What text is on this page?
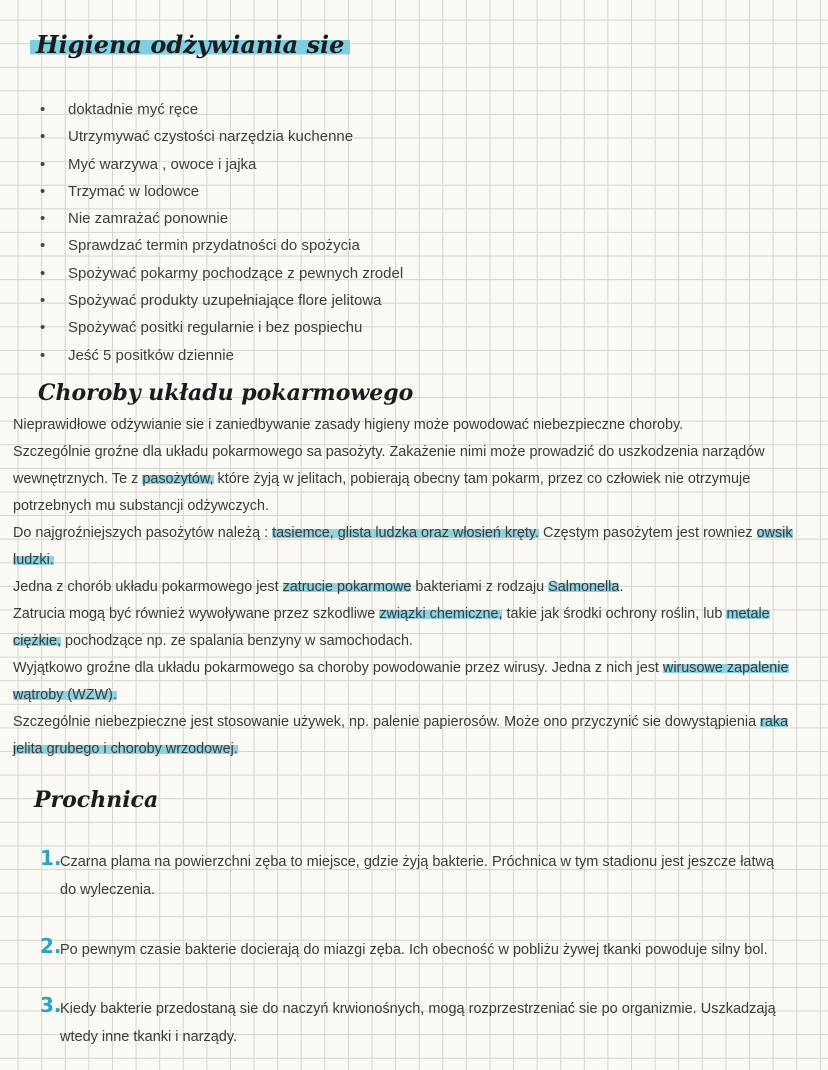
Higiena odżywiania sie
• doktadnie myć ręce
• Utrzymywać czystości narzędzia kuchenne
• Myć warzywa , owoce i jajka
• Trzymać w lodowce
• Nie zamrażać ponownie
• Sprawdzać termin przydatności do spożycia
• Spożywać pokarmy pochodzące z pewnych zrodel
• Spożywać produkty uzupełniające flore jelitowa
• Spożywać positki regularnie i bez pospiechu
• Jeść 5 positków dziennie
Choroby układu pokarmowego

Nieprawidłowe odżywianie sie i zaniedbywanie zasady higieny może powodować niebezpieczne choroby.

Szczególnie groźne dla układu pokarmowego sa pasożyty. Zakażenie nimi może prowadzić do uszkodzenia narządów wewnętrznych. Te z pasożytów, które żyją w jelitach, pobierają obecny tam pokarm, przez co człowiek nie otrzymuje potrzebnych mu substancji odżywczych.

Do najgroźniejszych pasożytów należą : tasiemce, glista ludzka oraz włosień kręty. Częstym pasożytem jest rowniez owsik ludzki.

Jedna z chorób układu pokarmowego jest zatrucie pokarmowe bakteriami z rodzaju Salmonella.

Zatrucia mogą być również wywoływane przez szkodliwe związki chemiczne, takie jak środki ochrony roślin, lub metale ciężkie, pochodzące np. ze spalania benzyny w samochodach.

Wyjątkowo groźne dla układu pokarmowego sa choroby powodowanie przez wirusy. Jedna z nich jest wirusowe zapalenie wątroby (WZW).

Szczególnie niebezpieczne jest stosowanie używek, np. palenie papierosów. Może ono przyczynić sie dowystąpienia raka jelita grubego i choroby wrzodowej.

Prochnica
1.
Czarna plama na powierzchni zęba to miejsce, gdzie żyją bakterie. Próchnica w tym stadionu jest jeszcze łatwą do wyleczenia.
2.
Po pewnym czasie bakterie docierają do miazgi zęba. Ich obecność w pobliżu żywej tkanki powoduje silny bol.
3.
Kiedy bakterie przedostaną sie do naczyń krwionośnych, mogą rozprzestrzeniać sie po organizmie. Uszkadzają wtedy inne tkanki i narządy.
